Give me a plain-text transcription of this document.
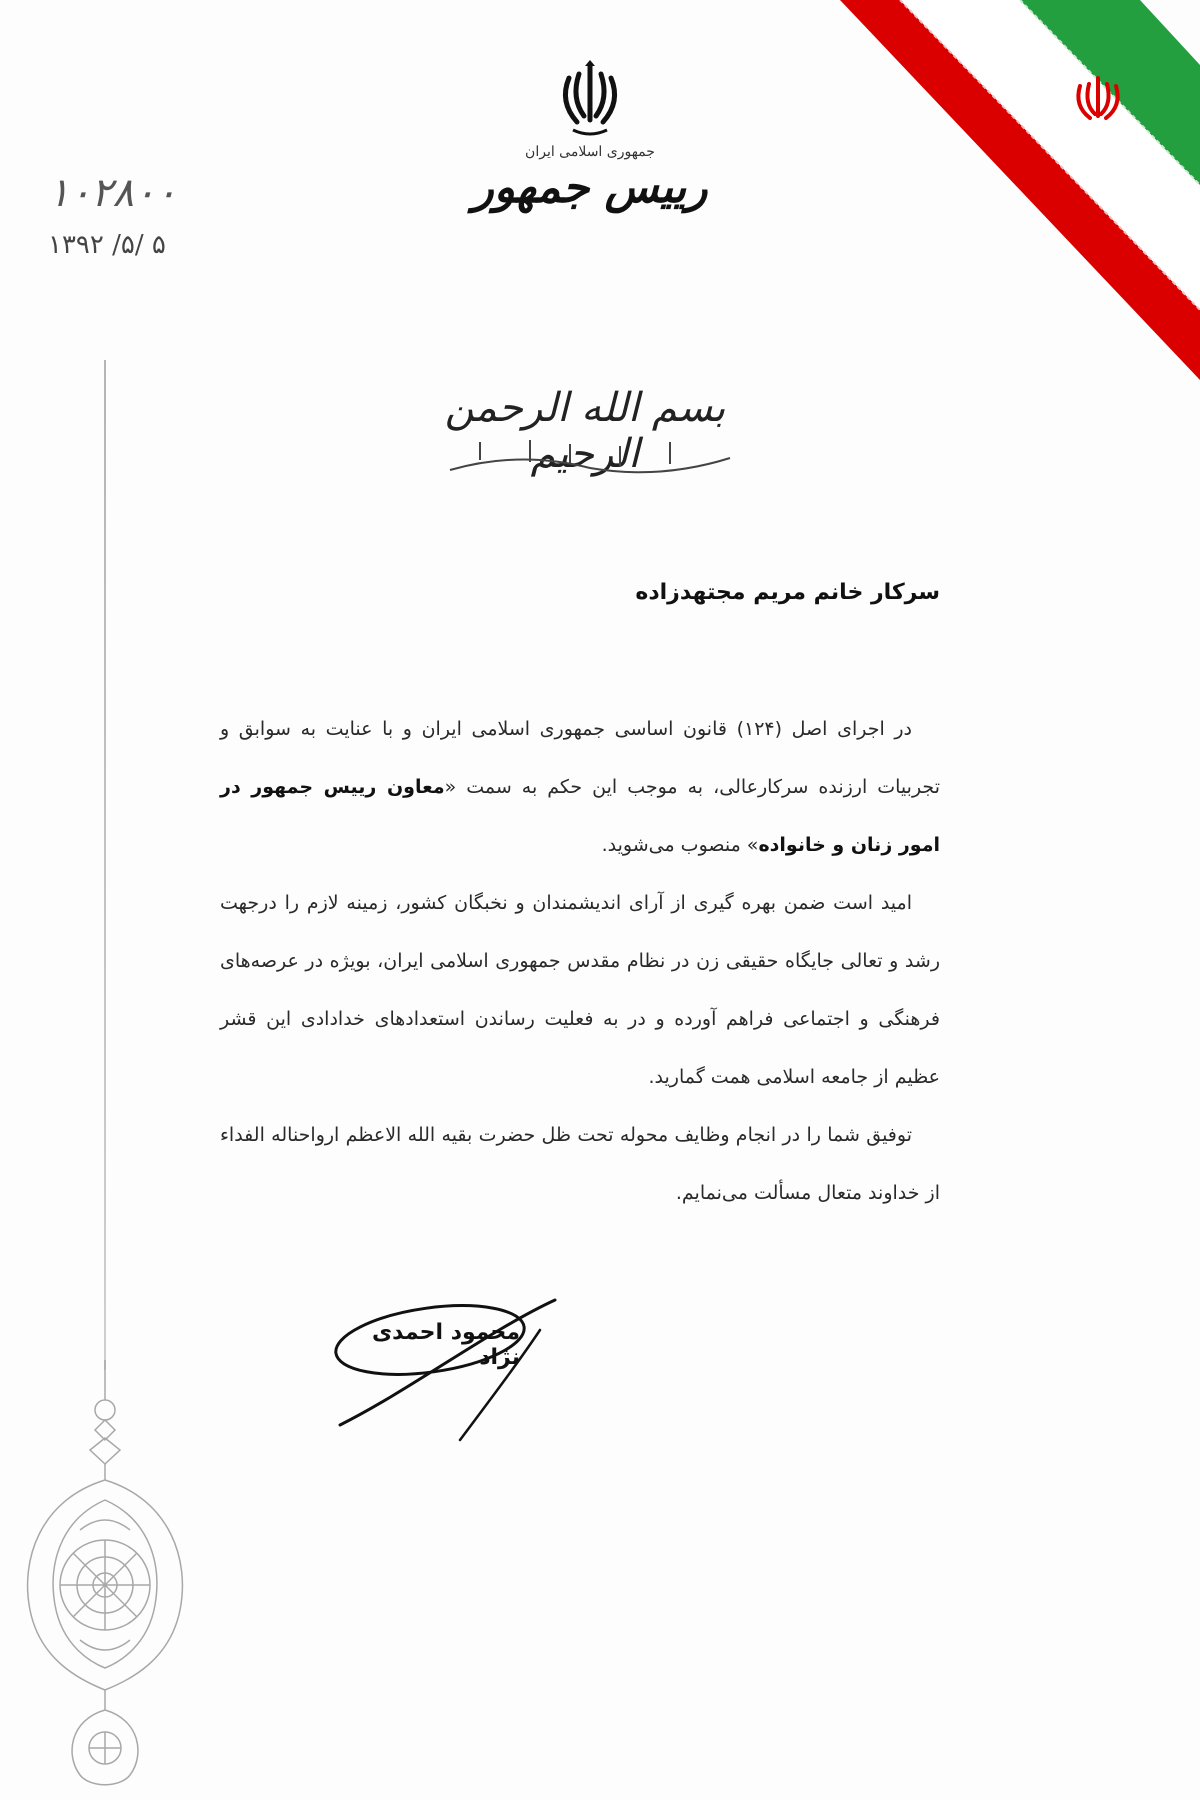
جمهوری اسلامی ایران
رییس جمهور
۱۰۲۸۰۰
۱۳۹۲ /۵/ ۵
بسم الله الرحمن الرحیم
سرکار خانم مریم مجتهدزاده

در اجرای اصل (۱۲۴) قانون اساسی جمهوری اسلامی ایران و با عنایت به سوابق و تجربیات ارزنده سرکارعالی، به موجب این حکم به سمت «معاون رییس جمهور در امور زنان و خانواده» منصوب می‌شوید.

امید است ضمن بهره گیری از آرای اندیشمندان و نخبگان کشور، زمینه لازم را درجهت رشد و تعالی جایگاه حقیقی زن در نظام مقدس جمهوری اسلامی ایران، بویژه در عرصه‌های فرهنگی و اجتماعی فراهم آورده و در به فعلیت رساندن استعدادهای خدادادی این قشر عظیم از جامعه اسلامی همت گمارید.

توفیق شما را در انجام وظایف محوله تحت ظل حضرت بقیه الله الاعظم ارواحنا‌له الفداء از خداوند متعال مسألت می‌نمایم.

محمود احمدی نژاد
